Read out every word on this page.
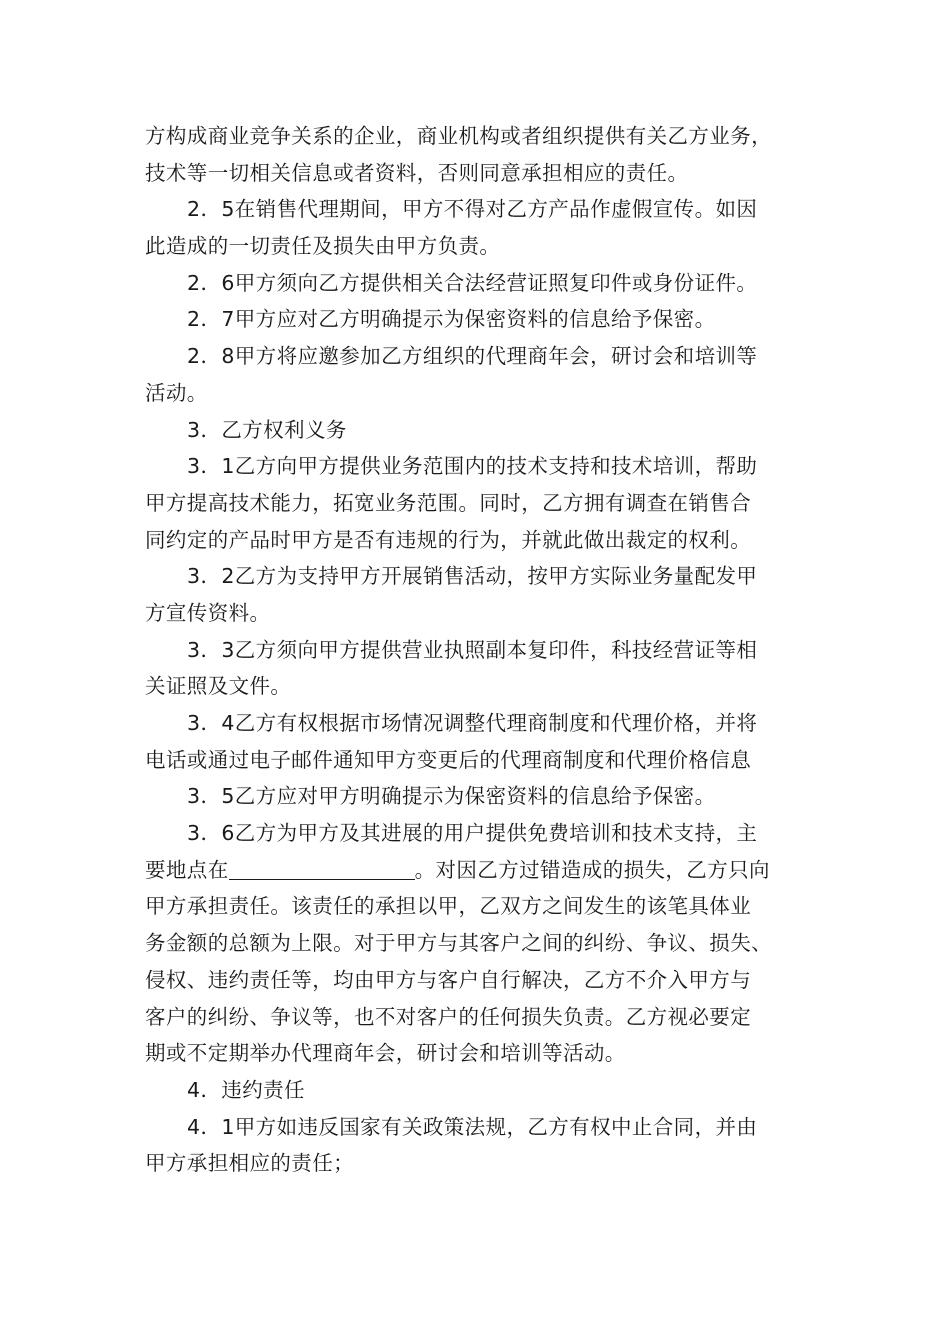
方构成商业竞争关系的企业，商业机构或者组织提供有关乙方业务，
技术等一切相关信息或者资料，否则同意承担相应的责任。

2．5在销售代理期间，甲方不得对乙方产品作虚假宣传。如因
此造成的一切责任及损失由甲方负责。

2．6甲方须向乙方提供相关合法经营证照复印件或身份证件。

2．7甲方应对乙方明确提示为保密资料的信息给予保密。

2．8甲方将应邀参加乙方组织的代理商年会，研讨会和培训等
活动。

3．乙方权利义务

3．1乙方向甲方提供业务范围内的技术支持和技术培训，帮助
甲方提高技术能力，拓宽业务范围。同时，乙方拥有调查在销售合
同约定的产品时甲方是否有违规的行为，并就此做出裁定的权利。

3．2乙方为支持甲方开展销售活动，按甲方实际业务量配发甲
方宣传资料。

3．3乙方须向甲方提供营业执照副本复印件，科技经营证等相
关证照及文件。

3．4乙方有权根据市场情况调整代理商制度和代理价格，并将
电话或通过电子邮件通知甲方变更后的代理商制度和代理价格信息

3．5乙方应对甲方明确提示为保密资料的信息给予保密。

3．6乙方为甲方及其进展的用户提供免费培训和技术支持，主
要地点在	。对因乙方过错造成的损失，乙方只向
甲方承担责任。该责任的承担以甲，乙双方之间发生的该笔具体业
务金额的总额为上限。对于甲方与其客户之间的纠纷、争议、损失、
侵权、违约责任等，均由甲方与客户自行解决，乙方不介入甲方与
客户的纠纷、争议等，也不对客户的任何损失负责。乙方视必要定
期或不定期举办代理商年会，研讨会和培训等活动。

4．违约责任

4．1甲方如违反国家有关政策法规，乙方有权中止合同，并由
甲方承担相应的责任；
